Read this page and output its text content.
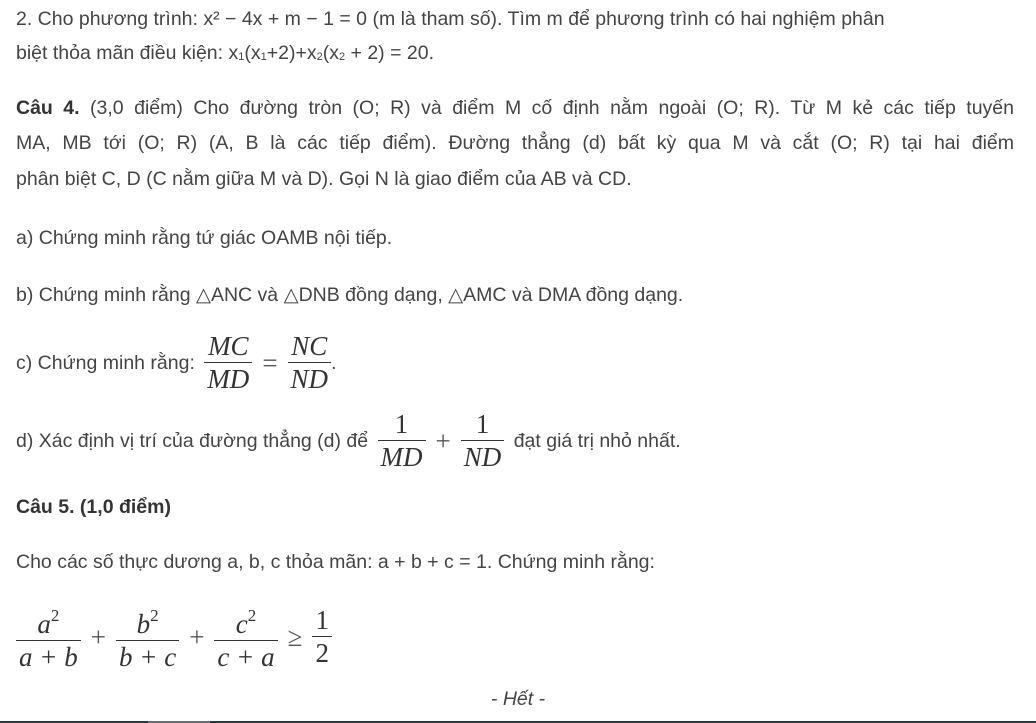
2. Cho phương trình: x² − 4x + m − 1 = 0 (m là tham số). Tìm m để phương trình có hai nghiệm phân
biệt thỏa mãn điều kiện: x1(x1+2)+x2(x2 + 2) = 20.
Câu 4. (3,0 điểm) Cho đường tròn (O; R) và điểm M cố định nằm ngoài (O; R). Từ M kẻ các tiếp tuyến
MA, MB tới (O; R) (A, B là các tiếp điểm). Đường thẳng (d) bất kỳ qua M và cắt (O; R) tại hai điểm
phân biệt C, D (C nằm giữa M và D). Gọi N là giao điểm của AB và CD.
a) Chứng minh rằng tứ giác OAMB nội tiếp.
b) Chứng minh rằng △ANC và △DNB đồng dạng, △AMC và DMA đồng dạng.
c) Chứng minh rằng: $\frac{MC}{MD} = \frac{NC}{ND}$ .
d) Xác định vị trí của đường thẳng (d) để $\frac{1}{MD} + \frac{1}{ND}$ đạt giá trị nhỏ nhất.
Câu 5. (1,0 điểm)
Cho các số thực dương a, b, c thỏa mãn: a + b + c = 1. Chứng minh rằng:
$\frac{a^2}{a + b} + \frac{b^2}{b + c} + \frac{c^2}{c + a} \ge \frac{1}{2}$
- Hết -
